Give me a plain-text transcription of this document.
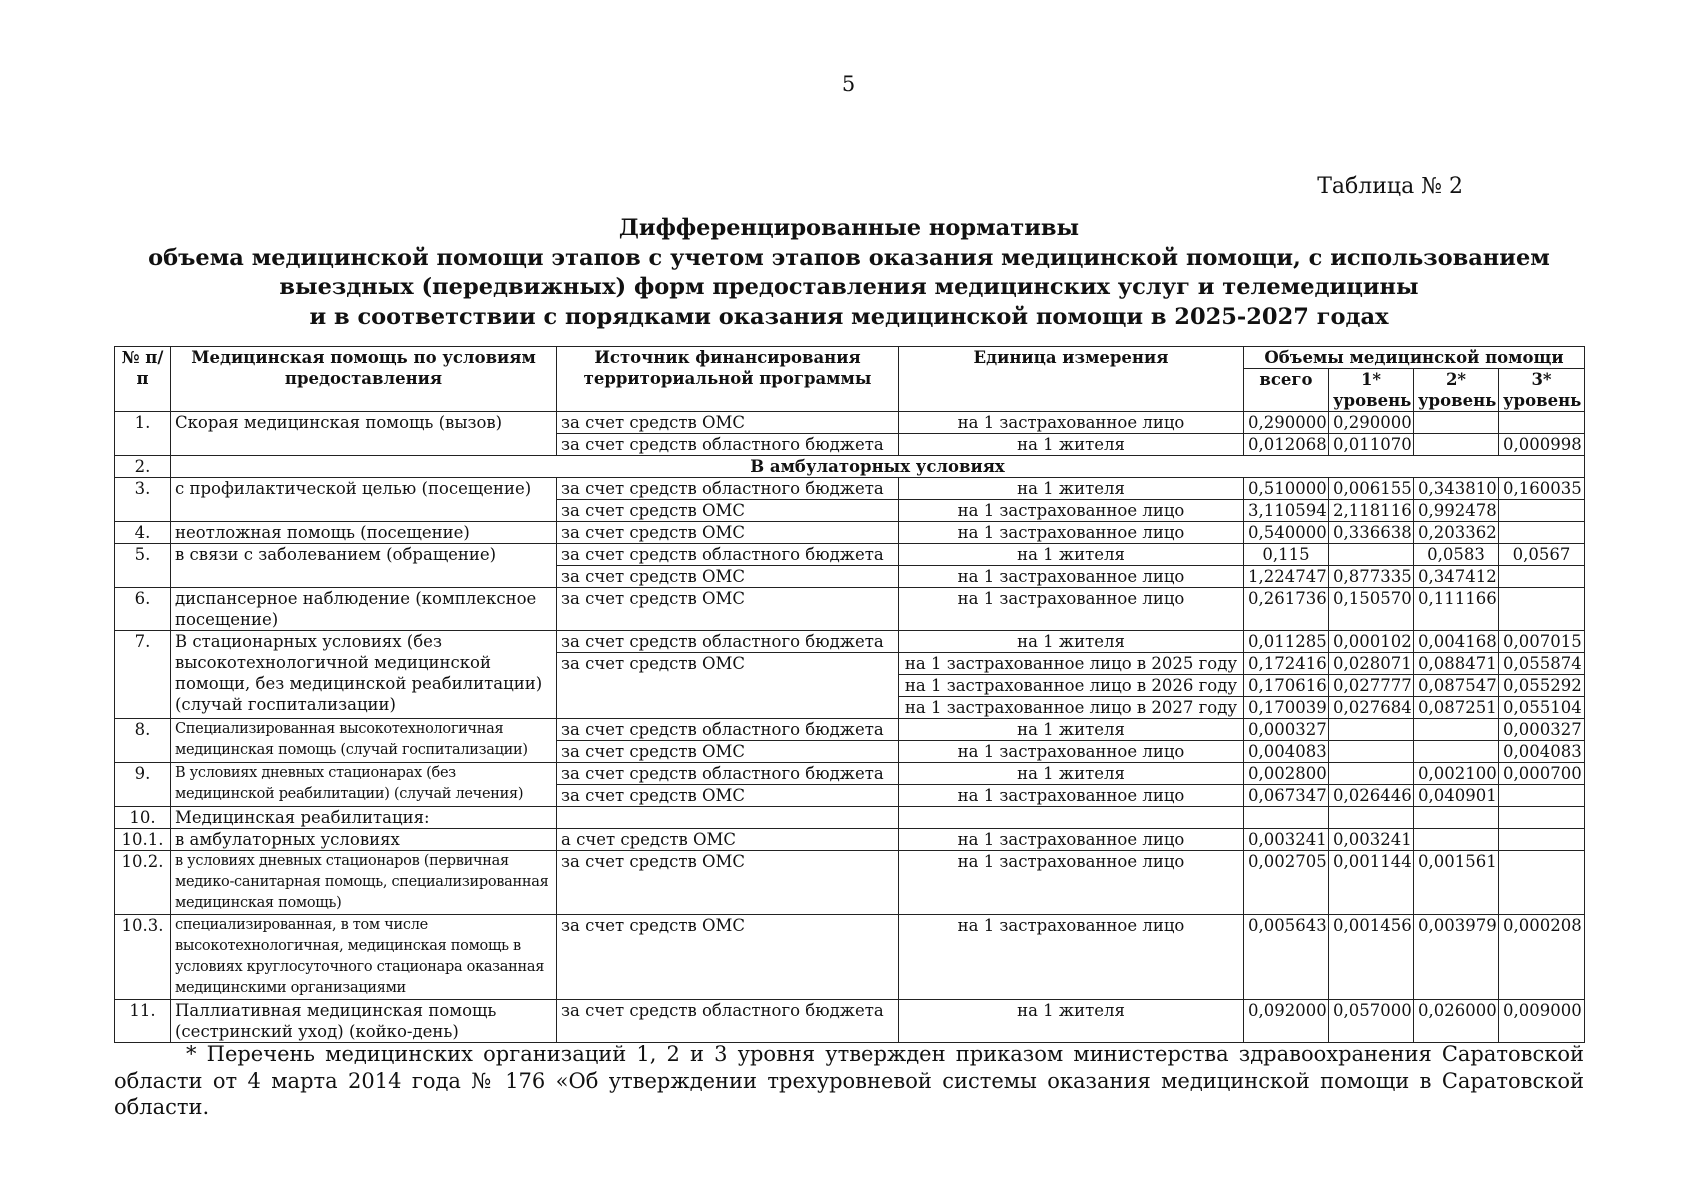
5
Таблица № 2
Дифференцированные нормативы
объема медицинской помощи этапов с учетом этапов оказания медицинской помощи, с использованием
выездных (передвижных) форм предоставления медицинских услуг и телемедицины
и в соответствии с порядками оказания медицинской помощи в 2025-2027 годах
№ п/п	Медицинская помощь по условиям предоставления	Источник финансирования территориальной программы	Единица измерения	Объемы медицинской помощи			
				всего	1* уровень	2* уровень	3* уровень
1.	Скорая медицинская помощь (вызов)	за счет средств ОМС	на 1 застрахованное лицо	0,290000	0,290000		
		за счет средств областного бюджета	на 1 жителя	0,012068	0,011070		0,000998
2.	В амбулаторных условиях						
3.	с профилактической целью (посещение)	за счет средств областного бюджета	на 1 жителя	0,510000	0,006155	0,343810	0,160035
		за счет средств ОМС	на 1 застрахованное лицо	3,110594	2,118116	0,992478	
4.	неотложная помощь (посещение)	за счет средств ОМС	на 1 застрахованное лицо	0,540000	0,336638	0,203362	
5.	в связи с заболеванием (обращение)	за счет средств областного бюджета	на 1 жителя	0,115		0,0583	0,0567
		за счет средств ОМС	на 1 застрахованное лицо	1,224747	0,877335	0,347412	
6.	диспансерное наблюдение (комплексное посещение)	за счет средств ОМС	на 1 застрахованное лицо	0,261736	0,150570	0,111166	
7.	В стационарных условиях (без высокотехнологичной медицинской помощи, без медицинской реабилитации) (случай госпитализации)	за счет средств областного бюджета	на 1 жителя	0,011285	0,000102	0,004168	0,007015
		за счет средств ОМС	на 1 застрахованное лицо в 2025 году	0,172416	0,028071	0,088471	0,055874
			на 1 застрахованное лицо в 2026 году	0,170616	0,027777	0,087547	0,055292
			на 1 застрахованное лицо в 2027 году	0,170039	0,027684	0,087251	0,055104
8.	Специализированная высокотехнологичная медицинская помощь (случай госпитализации)	за счет средств областного бюджета	на 1 жителя	0,000327			0,000327
		за счет средств ОМС	на 1 застрахованное лицо	0,004083			0,004083
9.	В условиях дневных стационарах (без медицинской реабилитации) (случай лечения)	за счет средств областного бюджета	на 1 жителя	0,002800		0,002100	0,000700
		за счет средств ОМС	на 1 застрахованное лицо	0,067347	0,026446	0,040901	
10.	Медицинская реабилитация:						
10.1.	в амбулаторных условиях	а счет средств ОМС	на 1 застрахованное лицо	0,003241	0,003241		
10.2.	в условиях дневных стационаров (первичная медико-санитарная помощь, специализированная медицинская помощь)	за счет средств ОМС	на 1 застрахованное лицо	0,002705	0,001144	0,001561	
10.3.	специализированная, в том числе высокотехнологичная, медицинская помощь в условиях круглосуточного стационара оказанная медицинскими организациями	за счет средств ОМС	на 1 застрахованное лицо	0,005643	0,001456	0,003979	0,000208
11.	Паллиативная медицинская помощь (сестринский уход) (койко-день)	за счет средств областного бюджета	на 1 жителя	0,092000	0,057000	0,026000	0,009000
* Перечень медицинских организаций 1, 2 и 3 уровня утвержден приказом министерства здравоохранения Саратовской области от 4 марта 2014 года № 176 «Об утверждении трехуровневой системы оказания медицинской помощи в Саратовской области.
